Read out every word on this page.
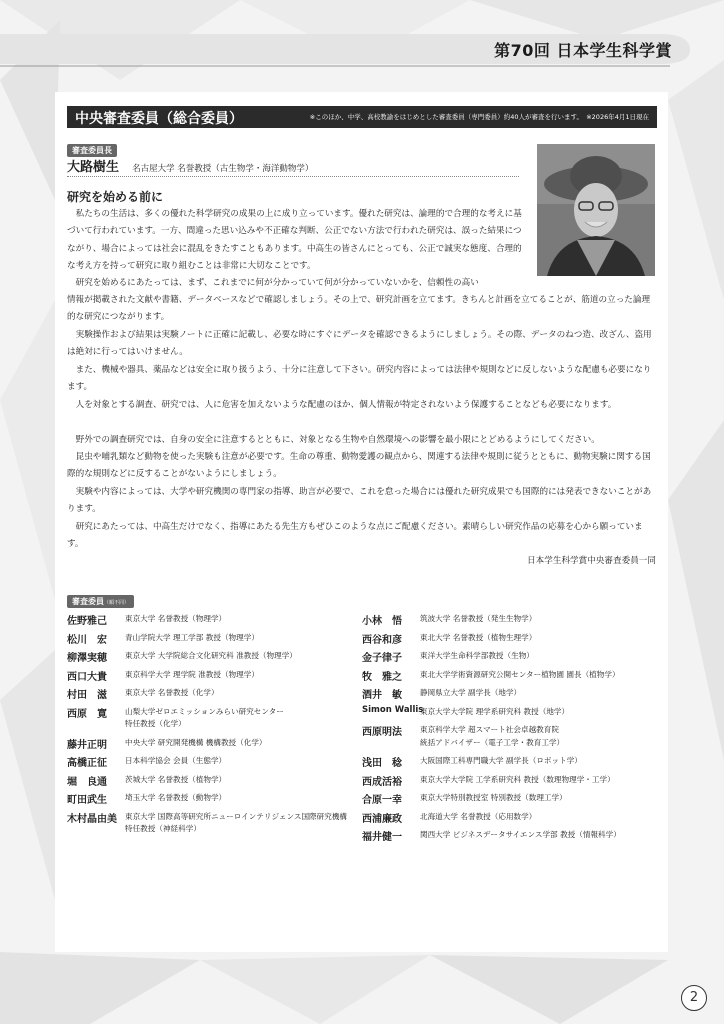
第70回 日本学生科学賞
中央審査委員（総合委員）	※このほか、中学、高校教諭をはじめとした審査委員（専門委員）約40人が審査を行います。　※2026年4月1日現在
審査委員長
大路樹生 名古屋大学 名誉教授（古生物学・海洋動物学）
研究を始める前に
　私たちの生活は、多くの優れた科学研究の成果の上に成り立っています。優れた研究は、論理的で合理的な考えに基づいて行われています。一方、間違った思い込みや不正確な判断、公正でない方法で行われた研究は、誤った結果につながり、場合によっては社会に混乱をきたすこともあります。中高生の皆さんにとっても、公正で誠実な態度、合理的な考え方を持って研究に取り組むことは非常に大切なことです。
　研究を始めるにあたっては、まず、これまでに何が分かっていて何が分かっていないかを、信頼性の高い
情報が掲載された文献や書籍、データベースなどで確認しましょう。その上で、研究計画を立てます。きちんと計画を立てることが、筋道の立った論理的な研究につながります。
　実験操作および結果は実験ノートに正確に記載し、必要な時にすぐにデータを確認できるようにしましょう。その際、データのねつ造、改ざん、盗用は絶対に行ってはいけません。
　また、機械や器具、薬品などは安全に取り扱うよう、十分に注意して下さい。研究内容によっては法律や規則などに反しないような配慮も必要になります。
　人を対象とする調査、研究では、人に危害を加えないような配慮のほか、個人情報が特定されないよう保護することなども必要になります。
　野外での調査研究では、自身の安全に注意するとともに、対象となる生物や自然環境への影響を最小限にとどめるようにしてください。
　昆虫や哺乳類など動物を使った実験も注意が必要です。生命の尊重、動物愛護の観点から、関連する法律や規則に従うとともに、動物実験に関する国際的な規則などに反することがないようにしましょう。
　実験や内容によっては、大学や研究機関の専門家の指導、助言が必要で、これを怠った場合には優れた研究成果でも国際的には発表できないことがあります。
　研究にあたっては、中高生だけでなく、指導にあたる先生方もぜひこのような点にご配慮ください。素晴らしい研究作品の応募を心から願っています。
日本学生科学賞中央審査委員一同
審査委員（順不同）
佐野雅己 東京大学 名誉教授（物理学）
松川　宏 青山学院大学 理工学部 教授（物理学）
柳澤実穂 東京大学 大学院総合文化研究科 准教授（物理学）
西口大貴 東京科学大学 理学院 准教授（物理学）
村田　滋 東京大学 名誉教授（化学）
西原　寛 山梨大学ゼロエミッションみらい研究センター
特任教授（化学）
藤井正明 中央大学 研究開発機構 機構教授（化学）
高橋正征 日本科学協会 会員（生態学）
堀　良通 茨城大学 名誉教授（植物学）
町田武生 埼玉大学 名誉教授（動物学）
木村晶由美 東京大学 国際高等研究所ニューロインテリジェンス国際研究機構
特任教授（神経科学）
小林　悟 筑波大学 名誉教授（発生生物学）
西谷和彦 東北大学 名誉教授（植物生理学）
金子律子 東洋大学生命科学部教授（生物）
牧　雅之 東北大学学術資源研究公開センター植物園 園長（植物学）
酒井　敏 静岡県立大学 副学長（地学）
Simon Wallis
東京大学大学院 理学系研究科 教授（地学）
西原明法 東京科学大学 超スマート社会卓越教育院
統括アドバイザー（電子工学・教育工学）
浅田　稔 大阪国際工科専門職大学 副学長（ロボット学）
西成活裕 東京大学大学院 工学系研究科 教授（数理物理学・工学）
合原一幸 東京大学特別教授室 特別教授（数理工学）
西浦廉政 北海道大学 名誉教授（応用数学）
福井健一 関西大学 ビジネスデータサイエンス学部 教授（情報科学）
2
